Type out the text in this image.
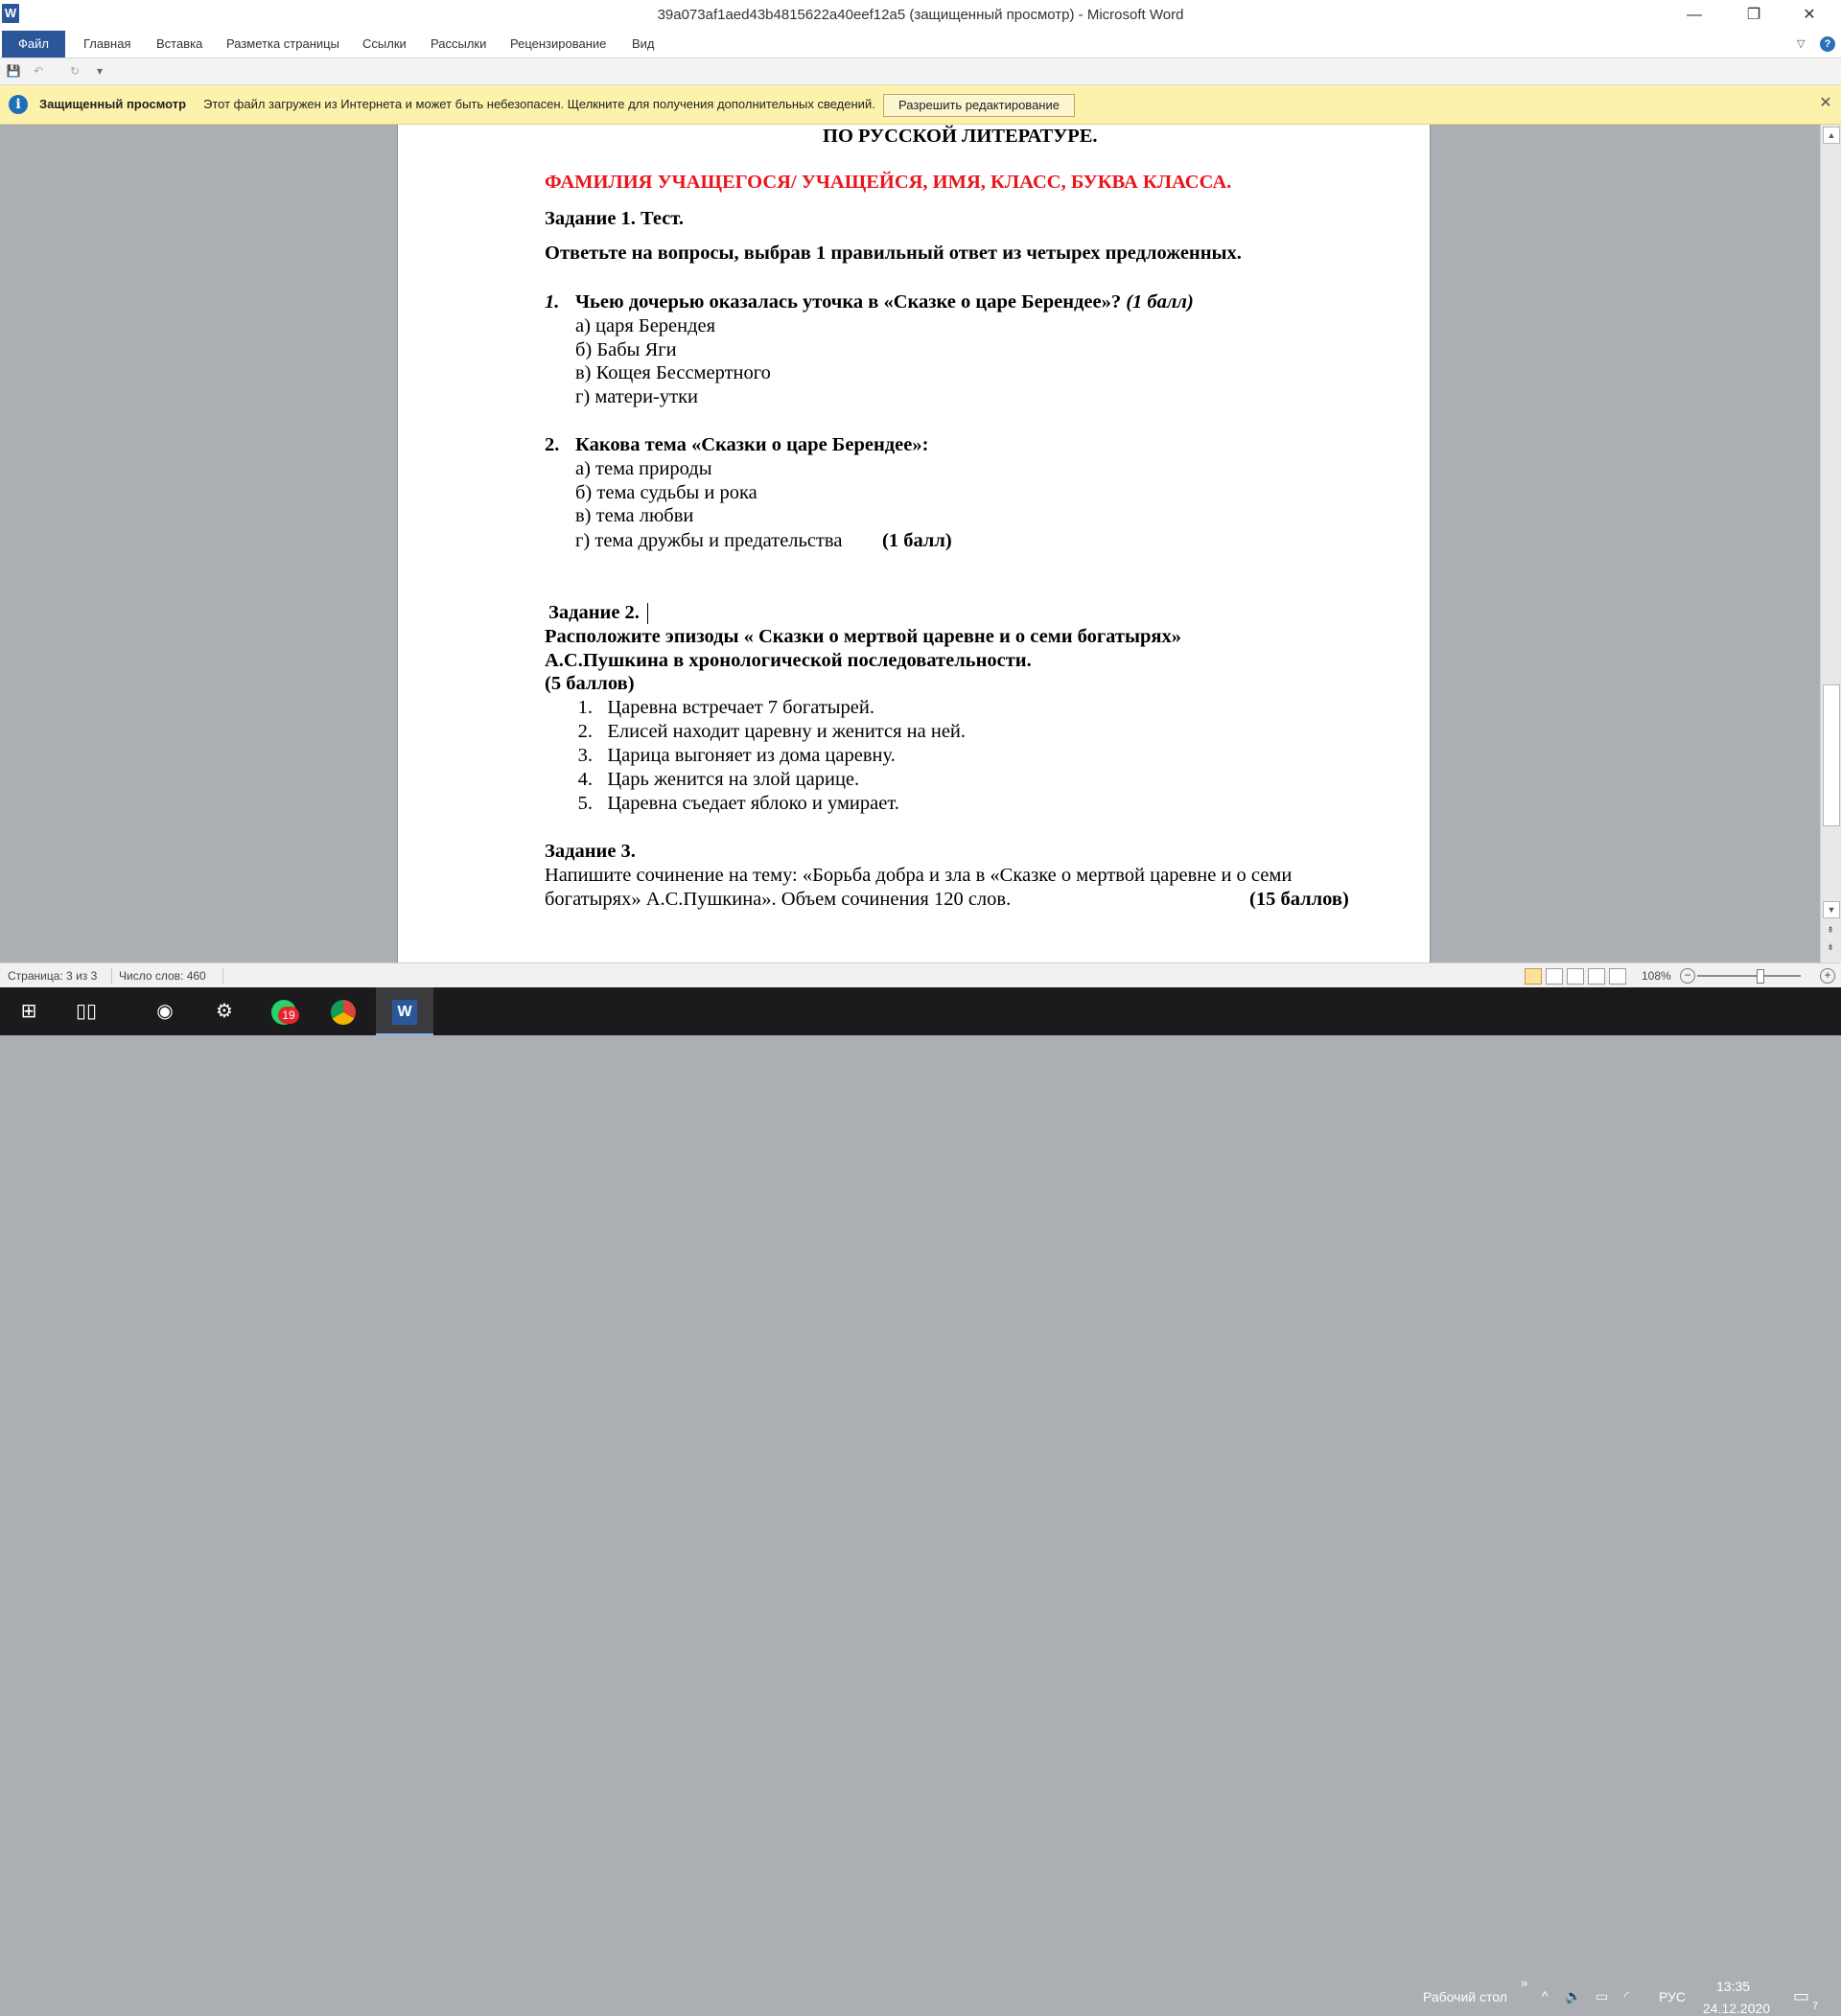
39a073af1aed43b4815622a40eef12a5 (защищенный просмотр) - Microsoft Word
W	—	❐	✕
Файл	Главная Вставка Разметка страницы Ссылки Рассылки Рецензирование Вид	▽	?
💾 ↶ ↻	▾
i	Защищенный просмотр Этот файл загружен из Интернета и может быть небезопасен. Щелкните для получения дополнительных сведений.	Разрешить редактирование	✕
ПО РУССКОЙ ЛИТЕРАТУРЕ.
ФАМИЛИЯ УЧАЩЕГОСЯ/ УЧАЩЕЙСЯ, ИМЯ, КЛАСС, БУКВА КЛАССА.
Задание 1. Тест.
Ответьте на вопросы, выбрав 1 правильный ответ из четырех предложенных.
1. Чьею дочерью оказалась уточка в «Сказке о царе Берендее»? (1 балл)
а) царя Берендея
б) Бабы Яги
в) Кощея Бессмертного
г) матери-утки
2. Какова тема «Сказки о царе Берендее»:
а) тема природы
б) тема судьбы и рока
в) тема любви
г) тема дружбы и предательства (1 балл)
Задание 2.
Расположите эпизоды « Сказки о мертвой царевне и о семи богатырях»
А.С.Пушкина в хронологической последовательности.
(5 баллов)
1. Царевна встречает 7 богатырей.
2. Елисей находит царевну и женится на ней.
3. Царица выгоняет из дома царевну.
4. Царь женится на злой царице.
5. Царевна съедает яблоко и умирает.
Задание 3.
Напишите сочинение на тему: «Борьба добра и зла в «Сказке о мертвой царевне и о семи
богатырях» А.С.Пушкина». Объем сочинения 120 слов.	(15 баллов)
▲
▼
⇞
⇟
Страница: 3 из 3 Число слов: 460	108%	−	+
⊞	▯▯	◉	⚙	W
Рабочий стол
»
^ 🔈 ▭ ◜ РУС
13:35
24.12.2020
▭
7
19
